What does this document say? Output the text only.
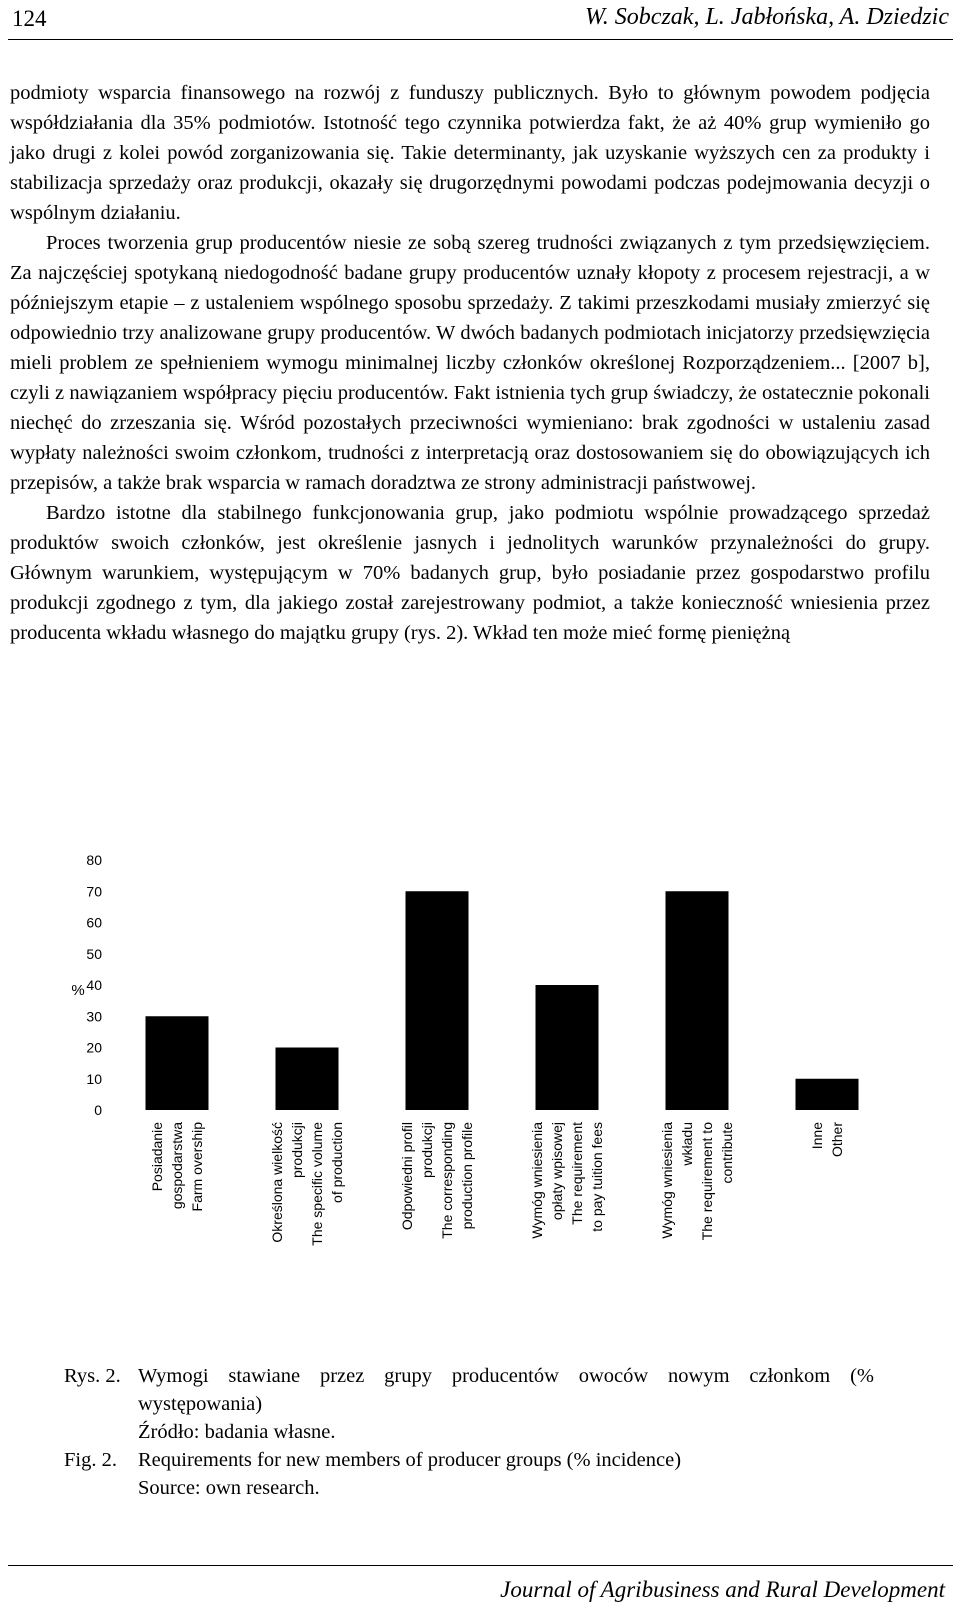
124	W. Sobczak, L. Jabłońska, A. Dziedzic

podmioty wsparcia finansowego na rozwój z funduszy publicznych. Było to głównym powodem podjęcia współdziałania dla 35% podmiotów. Istotność tego czynnika potwierdza fakt, że aż 40% grup wymieniło go jako drugi z kolei powód zorganizowania się. Takie determinanty, jak uzyskanie wyższych cen za produkty i stabilizacja sprzedaży oraz produkcji, okazały się drugorzędnymi powodami podczas podejmowania decyzji o wspólnym działaniu.

Proces tworzenia grup producentów niesie ze sobą szereg trudności związanych z tym przedsięwzięciem. Za najczęściej spotykaną niedogodność badane grupy producentów uznały kłopoty z procesem rejestracji, a w późniejszym etapie – z ustaleniem wspólnego sposobu sprzedaży. Z takimi przeszkodami musiały zmierzyć się odpowiednio trzy analizowane grupy producentów. W dwóch badanych podmiotach inicjatorzy przedsięwzięcia mieli problem ze spełnieniem wymogu minimalnej liczby członków określonej Rozporządzeniem... [2007 b], czyli z nawiązaniem współpracy pięciu producentów. Fakt istnienia tych grup świadczy, że ostatecznie pokonali niechęć do zrzeszania się. Wśród pozostałych przeciwności wymieniano: brak zgodności w ustaleniu zasad wypłaty należności swoim członkom, trudności z interpretacją oraz dostosowaniem się do obowiązujących ich przepisów, a także brak wsparcia w ramach doradztwa ze strony administracji państwowej.

Bardzo istotne dla stabilnego funkcjonowania grup, jako podmiotu wspólnie prowadzącego sprzedaż produktów swoich członków, jest określenie jasnych i jednolitych warunków przynależności do grupy. Głównym warunkiem, występującym w 70% badanych grup, było posiadanie przez gospodarstwo profilu produkcji zgodnego z tym, dla jakiego został zarejestrowany podmiot, a także konieczność wniesienia przez producenta wkładu własnego do majątku grupy (rys. 2). Wkład ten może mieć formę pieniężną

0
10
20
30
40
50
60
70
80
%
Posiadanie gospodarstwa Farm overship	Określona wielkość produkcji The specific volume of production	Odpowiedni profil produkcji The corresponding production profile	Wymóg wniesienia opłaty wpisowej The requirement to pay tuition fees	Wymóg wniesienia wkładu The requirement to contribute	Inne Other
Rys. 2. Wymogi stawiane przez grupy producentów owoców nowym członkom (% występowania)
Źródło: badania własne.
Fig. 2. Requirements for new members of producer groups (% incidence)
Source: own research.
Journal of Agribusiness and Rural Development
